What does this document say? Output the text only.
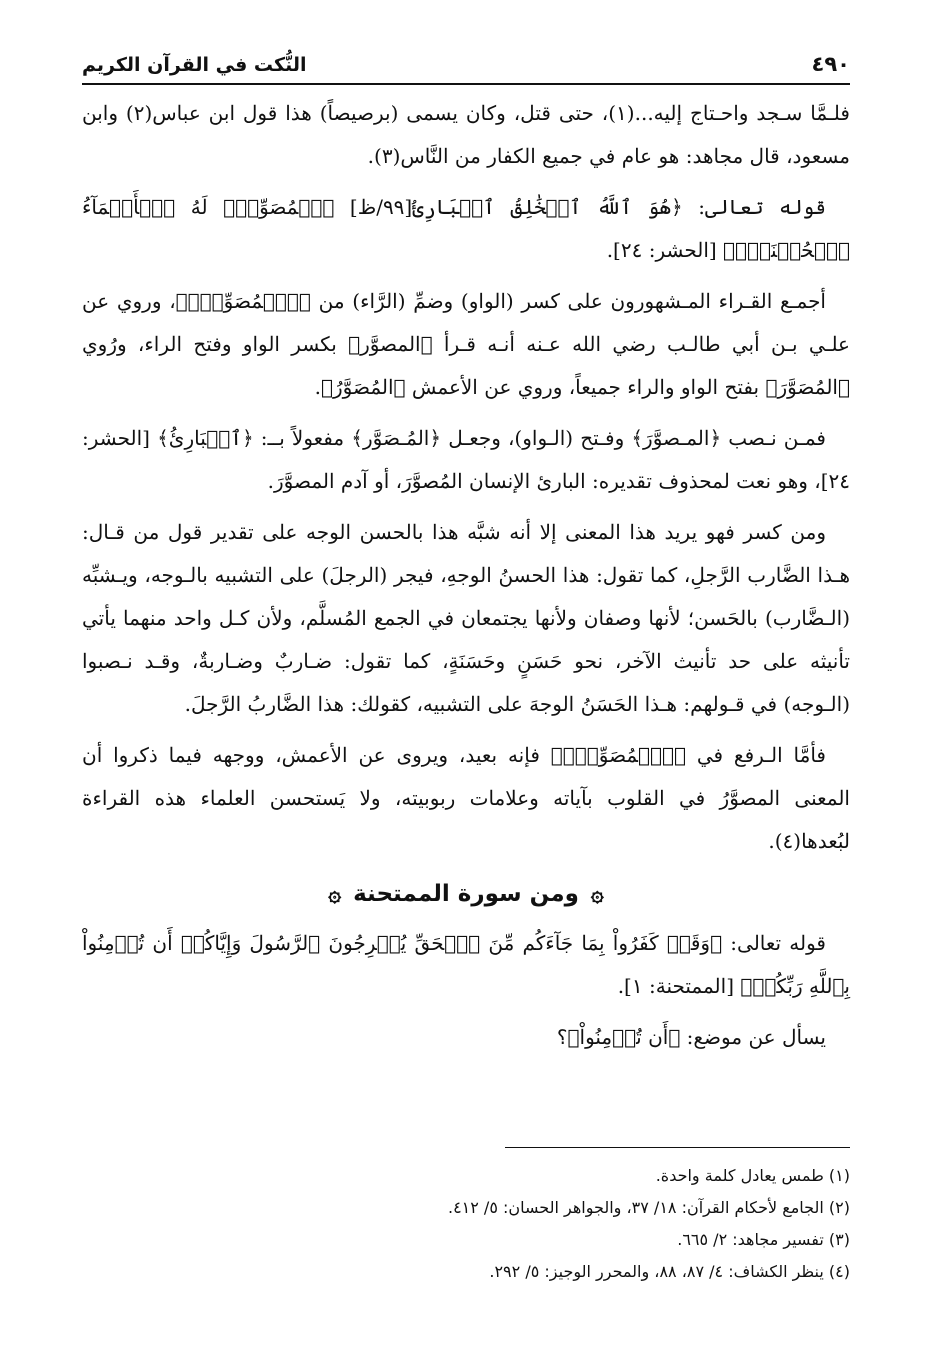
٤٩٠
النُّكت في القرآن الكريم

فلـمَّا سـجد واحـتاج إليه...(١)، حتى قتل، وكان يسمى (برصيصاً) هذا قول ابن عباس(٢) وابن مسعود، قال مجاهد: هو عام في جميع الكفار من النَّاس(٣).

قوله تعالى: ﴿هُوَ ٱللَّهُ ٱلۡخَٰلِقُ ٱلۡبَارِئُ[٩٩/ظ] ٱلۡمُصَوِّرُۖ لَهُ ٱلۡأَسۡمَآءُ ٱلۡحُسۡنَىٰۚ﴾ [الحشر: ٢٤].

أجمـع القـراء المـشهورون على كسر (الواو) وضمِّ (الرَّاء) من ﴿ٱلۡمُصَوِّرُۖ﴾، وروي عن علـي بـن أبي طالـب رضي الله عـنه أنـه قـرأ ﴿المصوَّر﴾ بكسر الواو وفتح الراء، ورُوي ﴿المُصَوَّرَ﴾ بفتح الواو والراء جميعاً، وروي عن الأعمش ﴿المُصَوَّرُ﴾.

فمـن نـصب ﴿المـصوَّرَ﴾ وفـتح (الـواو)، وجعـل ﴿المُـصَوَّر﴾ مفعولاً بــ: ﴿ٱلۡبَارِئُ﴾ [الحشر: ٢٤]، وهو نعت لمحذوف تقديره: البارئ الإنسان المُصوَّرَ، أو آدم المصوَّرَ.

ومن كسر فهو يريد هذا المعنى إلا أنه شبَّه هذا بالحسن الوجه على تقدير قول من قـال: هـذا الضَّارب الرَّجلِ، كما تقول: هذا الحسنُ الوجهِ، فيجر (الرجلَ) على التشبيه بالـوجه، ويـشبِّه (الـضَّارب) بالحَسن؛ لأنها وصفان ولأنها يجتمعان في الجمع المُسلَّم، ولأن كـل واحد منهما يأتي تأنيثه على حد تأنيث الآخر، نحو حَسَنٍ وحَسَنَةٍ، كما تقول: ضـاربٌ وضـاربةٌ، وقـد نـصبوا (الـوجه) في قـولهم: هـذا الحَسَنُ الوجهَ على التشبيه، كقولك: هذا الضَّاربُ الرَّجلَ.

فأمَّا الـرفع في ﴿ٱلۡمُصَوِّرُۖ﴾ فإنه بعيد، ويروى عن الأعمش، ووجهه فيما ذكروا أن المعنى المصوَّرُ في القلوب بآياته وعلامات ربوبيته، ولا يَستحسن العلماء هذه القراءة لبُعدها(٤).

۞ ومن سورة الممتحنة ۞

قوله تعالى: ﴿وَقَدۡ كَفَرُواْ بِمَا جَآءَكُم مِّنَ ٱلۡحَقِّ يُخۡرِجُونَ ٱلرَّسُولَ وَإِيَّاكُمۡ أَن تُؤۡمِنُواْ بِٱللَّهِ رَبِّكُمۡ﴾ [الممتحنة: ١].

يسأل عن موضع: ﴿أَن تُؤۡمِنُواْ﴾؟

(١) طمس يعادل كلمة واحدة.
(٢) الجامع لأحكام القرآن: ١٨/ ٣٧، والجواهر الحسان: ٥/ ٤١٢.
(٣) تفسير مجاهد: ٢/ ٦٦٥.
(٤) ينظر الكشاف: ٤/ ٨٧، ٨٨، والمحرر الوجيز: ٥/ ٢٩٢.
